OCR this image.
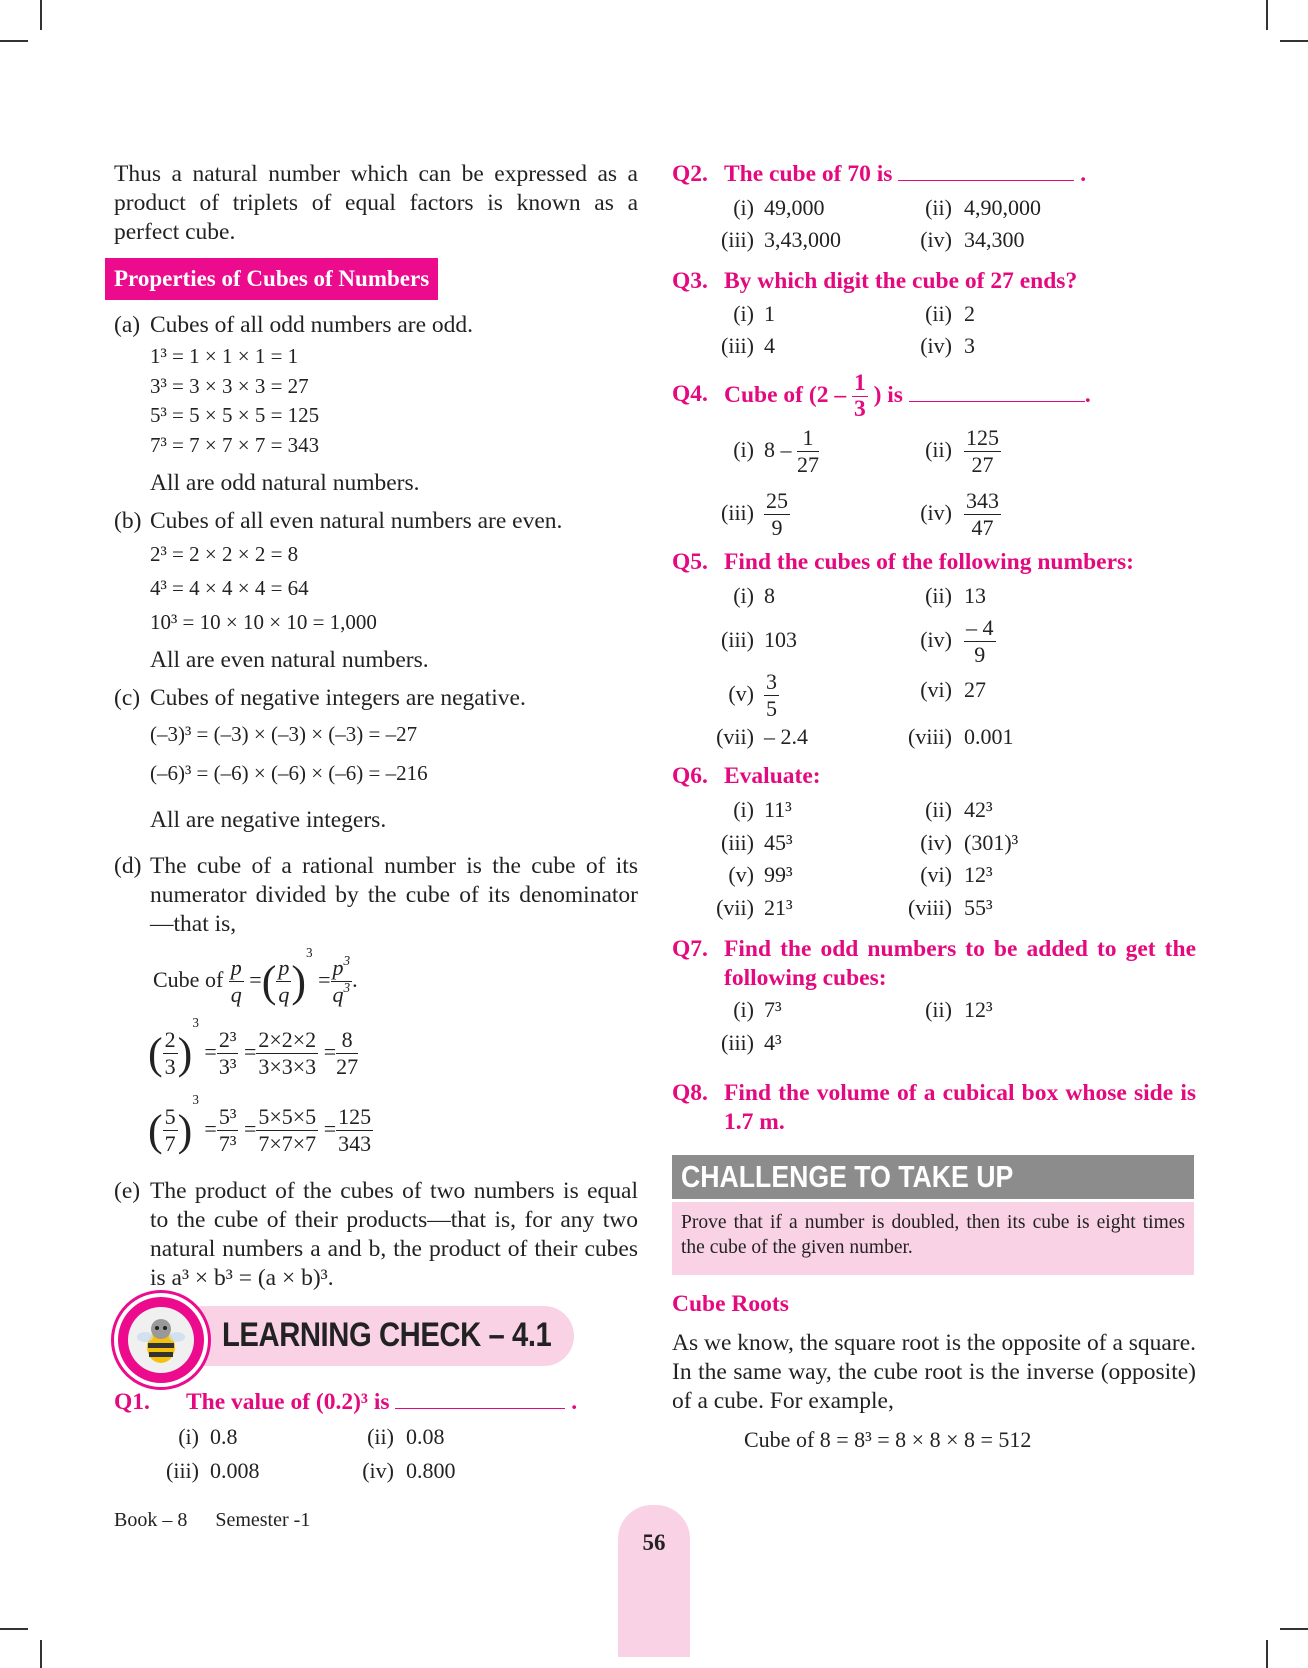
Thus a natural number which can be expressed as a product of triplets of equal factors is known as a perfect cube.
Properties of Cubes of Numbers
(a) Cubes of all odd numbers are odd.
1³ = 1 × 1 × 1 = 1
3³ = 3 × 3 × 3 = 27
5³ = 5 × 5 × 5 = 125
7³ = 7 × 7 × 7 = 343
All are odd natural numbers.
(b) Cubes of all even natural numbers are even.
2³ = 2 × 2 × 2 = 8
4³ = 4 × 4 × 4 = 64
10³ = 10 × 10 × 10 = 1,000
All are even natural numbers.
(c) Cubes of negative integers are negative.
(–3)³ = (–3) × (–3) × (–3) = –27
(–6)³ = (–6) × (–6) × (–6) = –216
All are negative integers.
(d) The cube of a rational number is the cube of its numerator divided by the cube of its denominator—that is,
Cube of $\frac{p}{q}$ =( $\frac{p}{q} )^3 = \frac{p^3}{q^3}$ .
( $\frac{2}{3} )^3 = \frac{\text{2³}}{\text{3³}} = \frac{2\times 2\times 2}{3\times 3\times 3} = \frac{8}{27}$
( $\frac{5}{7} )^3 = \frac{\text{5³}}{\text{7³}} = \frac{5\times 5\times 5}{7\times 7\times 7} = \frac{125}{343}$
(e) The product of the cubes of two numbers is equal to the cube of their products—that is, for any two natural numbers a and b, the product of their cubes is a³ × b³ = (a × b)³.
LEARNING CHECK – 4.1
Q1. The value of (0.2)³ is	.
(i) 0.8	(ii) 0.08
(iii) 0.008	(iv) 0.800
Q2. The cube of 70 is	.
(i) 49,000	(ii) 4,90,000
(iii) 3,43,000	(iv) 34,300
Q3. By which digit the cube of 27 ends?
(i) 1	(ii) 2
(iii) 4	(iv) 3
Q4. Cube of ($2 - \frac{1}{3}$ ) is	.
(i) $8 - \frac{1}{27}$	$(ii) \frac{125}{27}$
$(iii) \frac{25}{9}$	$(iv) \frac{343}{47}$
Q5. Find the cubes of the following numbers:
(i) 8	(ii) 13
(iii) 103	$(iv) \frac{- 4}{9}$
$(v) \frac{3}{5}$	(vi) 27
(vii) – 2.4	(viii) 0.001
Q6. Evaluate:
(i) 11³	(ii) 42³
(iii) 45³	(iv) (301)³
(v) 99³	(vi) 12³
(vii) 21³	(viii) 55³
Q7. Find the odd numbers to be added to get the following cubes:
(i) 7³	(ii) 12³
(iii) 4³
Q8. Find the volume of a cubical box whose side is 1.7 m.
CHALLENGE TO TAKE UP
Prove that if a number is doubled, then its cube is eight times the cube of the given number.
Cube Roots
As we know, the square root is the opposite of a square. In the same way, the cube root is the inverse (opposite) of a cube. For example,
Cube of 8 = 8³ = 8 × 8 × 8 = 512
Book – 8 Semester -1
56
